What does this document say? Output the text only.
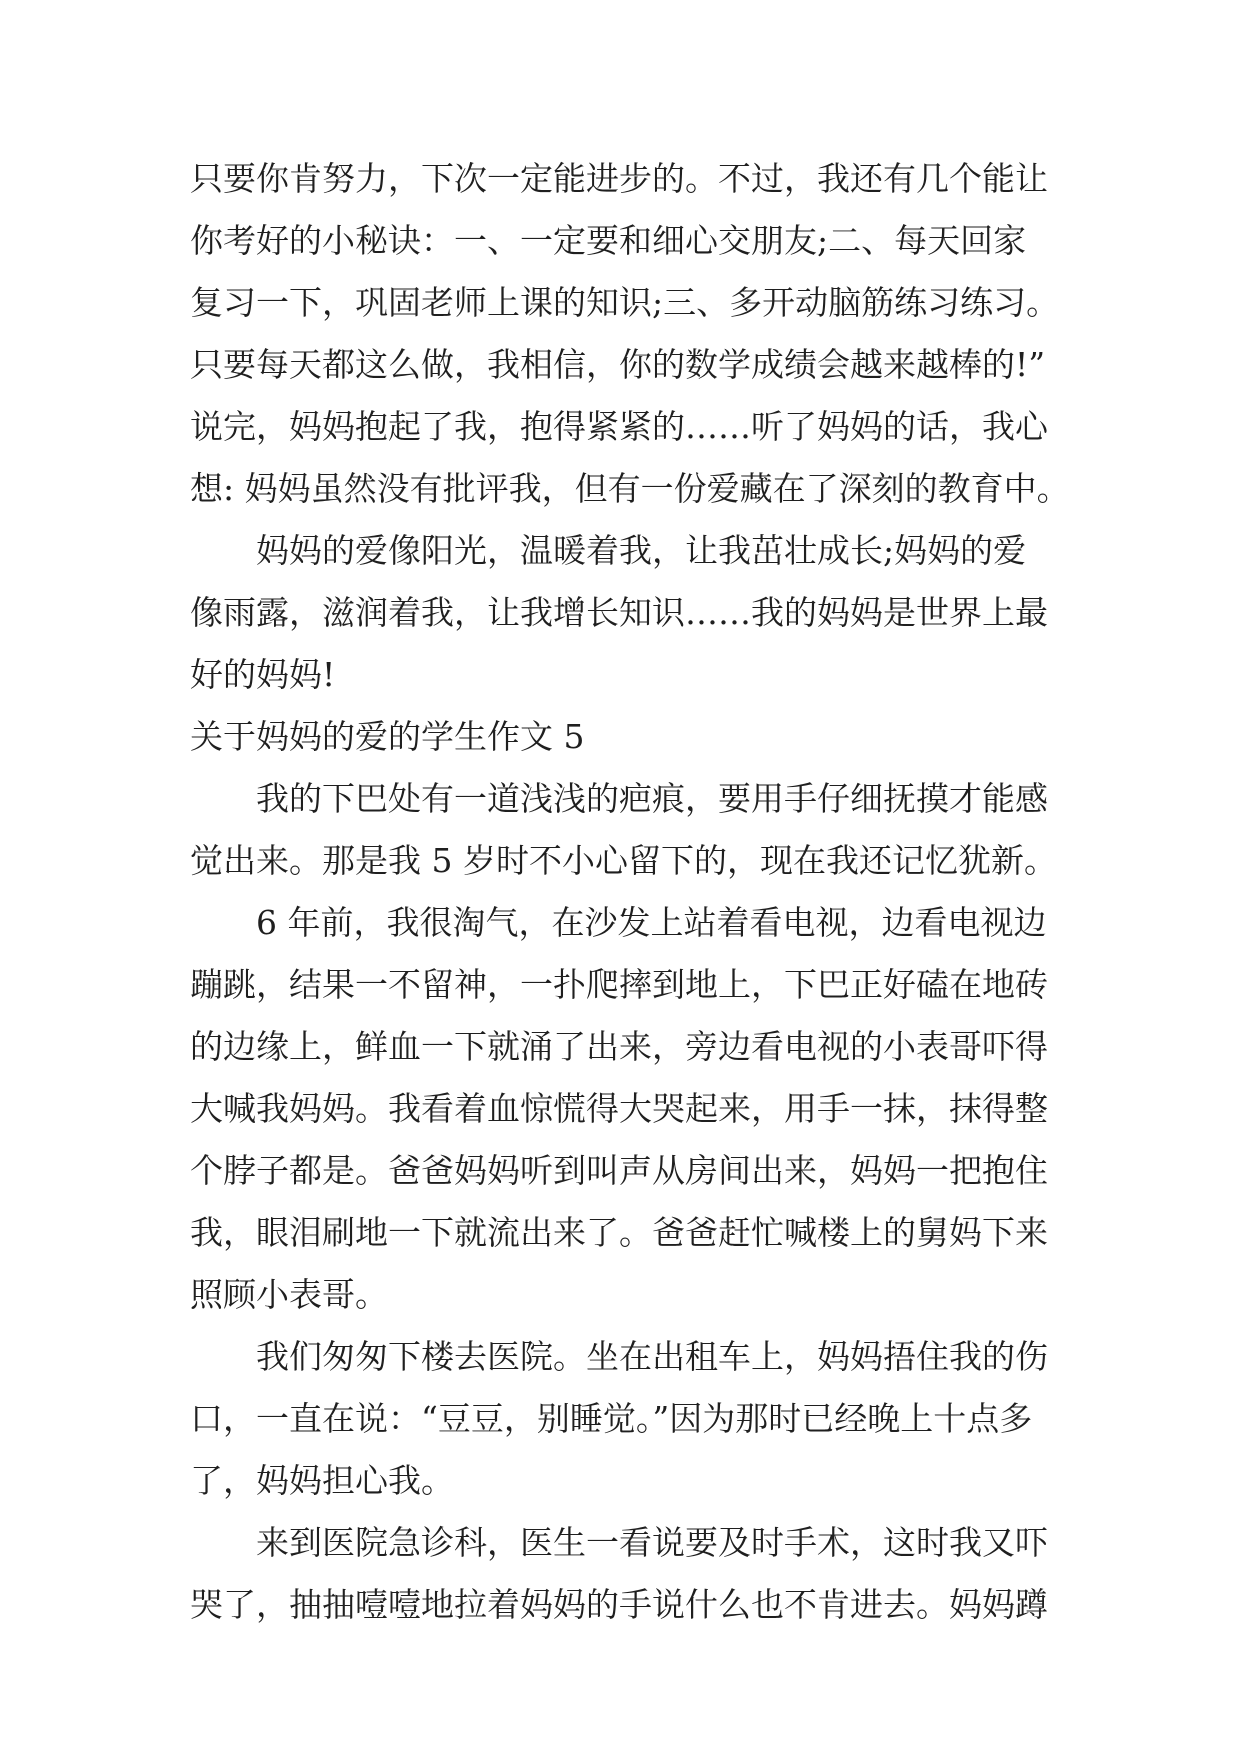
只要你肯努力，下次一定能进步的。不过，我还有几个能让
你考好的小秘诀：一、一定要和细心交朋友;二、每天回家
复习一下，巩固老师上课的知识;三、多开动脑筋练习练习。
只要每天都这么做，我相信，你的数学成绩会越来越棒的!”
说完，妈妈抱起了我，抱得紧紧的……听了妈妈的话，我心
想: 妈妈虽然没有批评我，但有一份爱藏在了深刻的教育中。
妈妈的爱像阳光，温暖着我，让我茁壮成长;妈妈的爱
像雨露，滋润着我，让我增长知识……我的妈妈是世界上最
好的妈妈!
关于妈妈的爱的学生作文 5
我的下巴处有一道浅浅的疤痕，要用手仔细抚摸才能感
觉出来。那是我 5 岁时不小心留下的，现在我还记忆犹新。
6 年前，我很淘气，在沙发上站着看电视，边看电视边
蹦跳，结果一不留神，一扑爬摔到地上，下巴正好磕在地砖
的边缘上，鲜血一下就涌了出来，旁边看电视的小表哥吓得
大喊我妈妈。我看着血惊慌得大哭起来，用手一抹，抹得整
个脖子都是。爸爸妈妈听到叫声从房间出来，妈妈一把抱住
我，眼泪刷地一下就流出来了。爸爸赶忙喊楼上的舅妈下来
照顾小表哥。
我们匆匆下楼去医院。坐在出租车上，妈妈捂住我的伤
口，一直在说：“豆豆，别睡觉。”因为那时已经晚上十点多
了，妈妈担心我。
来到医院急诊科，医生一看说要及时手术，这时我又吓
哭了，抽抽噎噎地拉着妈妈的手说什么也不肯进去。妈妈蹲
